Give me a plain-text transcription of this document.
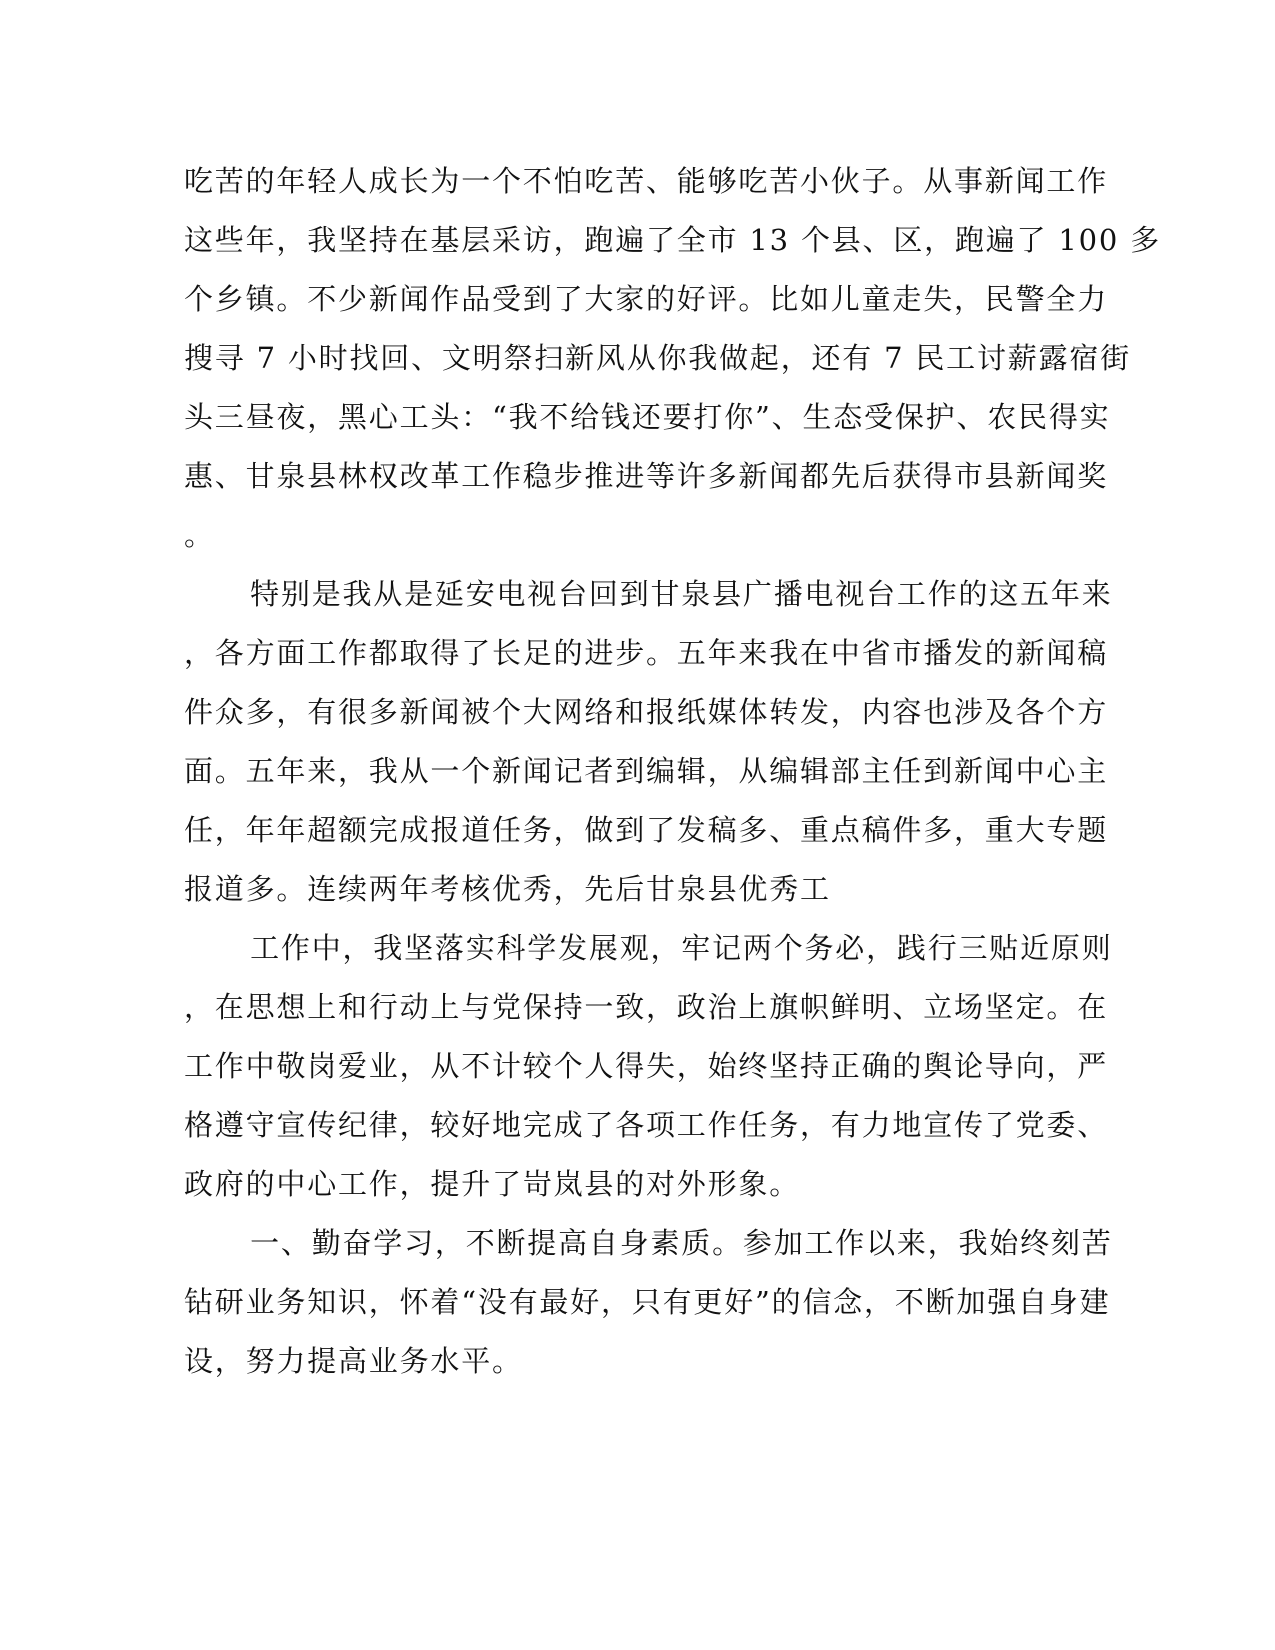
吃苦的年轻人成长为一个不怕吃苦、能够吃苦小伙子。从事新闻工作
这些年，我坚持在基层采访，跑遍了全市 13 个县、区，跑遍了 100 多
个乡镇。不少新闻作品受到了大家的好评。比如儿童走失，民警全力
搜寻 7 小时找回、文明祭扫新风从你我做起，还有 7 民工讨薪露宿街
头三昼夜，黑心工头：“我不给钱还要打你”、生态受保护、农民得实
惠、甘泉县林权改革工作稳步推进等许多新闻都先后获得市县新闻奖
。

特别是我从是延安电视台回到甘泉县广播电视台工作的这五年来
，各方面工作都取得了长足的进步。五年来我在中省市播发的新闻稿
件众多，有很多新闻被个大网络和报纸媒体转发，内容也涉及各个方
面。五年来，我从一个新闻记者到编辑，从编辑部主任到新闻中心主
任，年年超额完成报道任务，做到了发稿多、重点稿件多，重大专题
报道多。连续两年考核优秀，先后甘泉县优秀工

工作中，我坚落实科学发展观，牢记两个务必，践行三贴近原则
，在思想上和行动上与党保持一致，政治上旗帜鲜明、立场坚定。在
工作中敬岗爱业，从不计较个人得失，始终坚持正确的舆论导向，严
格遵守宣传纪律，较好地完成了各项工作任务，有力地宣传了党委、
政府的中心工作，提升了岢岚县的对外形象。

一、勤奋学习，不断提高自身素质。参加工作以来，我始终刻苦
钻研业务知识，怀着“没有最好，只有更好”的信念，不断加强自身建
设，努力提高业务水平。
